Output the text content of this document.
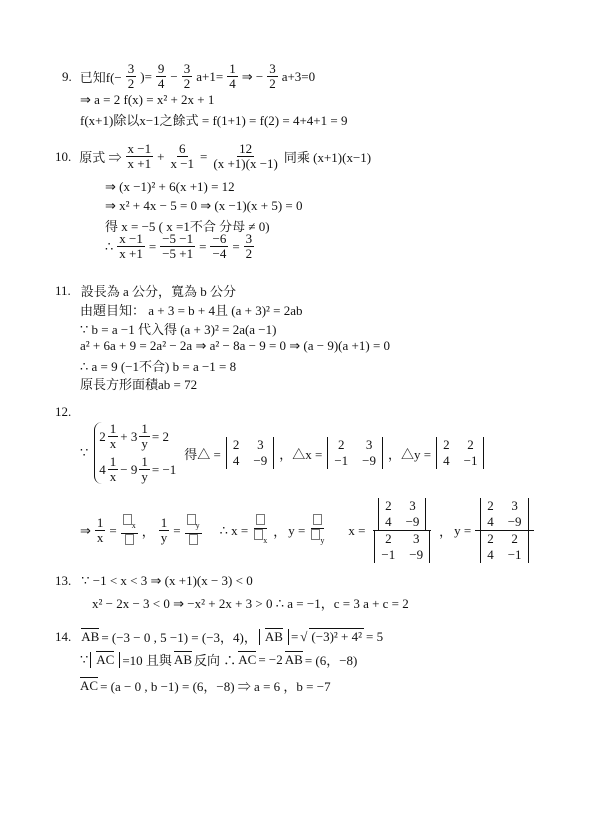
9. 已知$f(- \frac{3}{2}$ )= $\frac{9}{4} - \frac{3}{2} a+1= \frac{1}{4}$ ⇒ − $\frac{3}{2} a+3=0$
⇒ a = 2 f(x) = x² + 2x + 1
f(x+1)除以x−1之餘式 = f(1+1) = f(2) = 4+4+1 = 9
10. 原式 ⇒ $\frac{x -1}{x +1} + \frac{6}{x -1} = \frac{12}{(x +1)(x -1)}$ 同乘 (x+1)(x−1)
⇒ (x −1)² + 6(x +1) = 12
⇒ x² + 4x − 5 = 0 ⇒ (x −1)(x + 5) = 0
得 x = −5 ( x =1不合 分母 ≠ 0)
∴ $\frac{x -1}{x +1} = \frac{-5 -1}{-5 +1} = \frac{-6}{-4} = \frac{3}{2}$
11. 設長為 a 公分，寬為 b 公分
由題目知： a + 3 = b + 4且 (a + 3)² = 2ab
∵ b = a −1 代入得 (a + 3)² = 2a(a −1)
a² + 6a + 9 = 2a² − 2a ⇒ a² − 8a − 9 = 0 ⇒ (a − 9)(a +1) = 0
∴ a = 9 (−1不合) b = a −1 = 8
原長方形面積ab = 72
12.
∵
$2 \frac{1}{x} + 3 \frac{1}{y} = 2$
$4 \frac{1}{x} - 9 \frac{1}{y} = -1$
得△ =
2 3
4 −9 ，△x =
2 3
−1 −9 ，△y =
2 2
4 −1
⇒ $\frac{1}{x}$ =	$_x$ ， $\frac{1}{y}$ =	$_y$ ∴ x =
$_x$
， y =
$_y$
x = 2 3
4 −9
2 3
−1 −9 ， y = 2 3
4 −9
2 2
4 −1
13. ∵ −1 < x < 3 ⇒ (x +1)(x − 3) < 0
x² − 2x − 3 < 0 ⇒ −x² + 2x + 3 > 0 ∴ a = −1，c = 3 a + c = 2
14. AB = (−3 − 0 , 5 −1) = (−3，4)， AB = √ (−3)² + 4² = 5
∵ AC =10 且與 AB 反向 ∴ AC = −2 AB = (6，−8)
AC = (a − 0 , b −1) = (6，−8) ⇒ a = 6 ，b = −7
